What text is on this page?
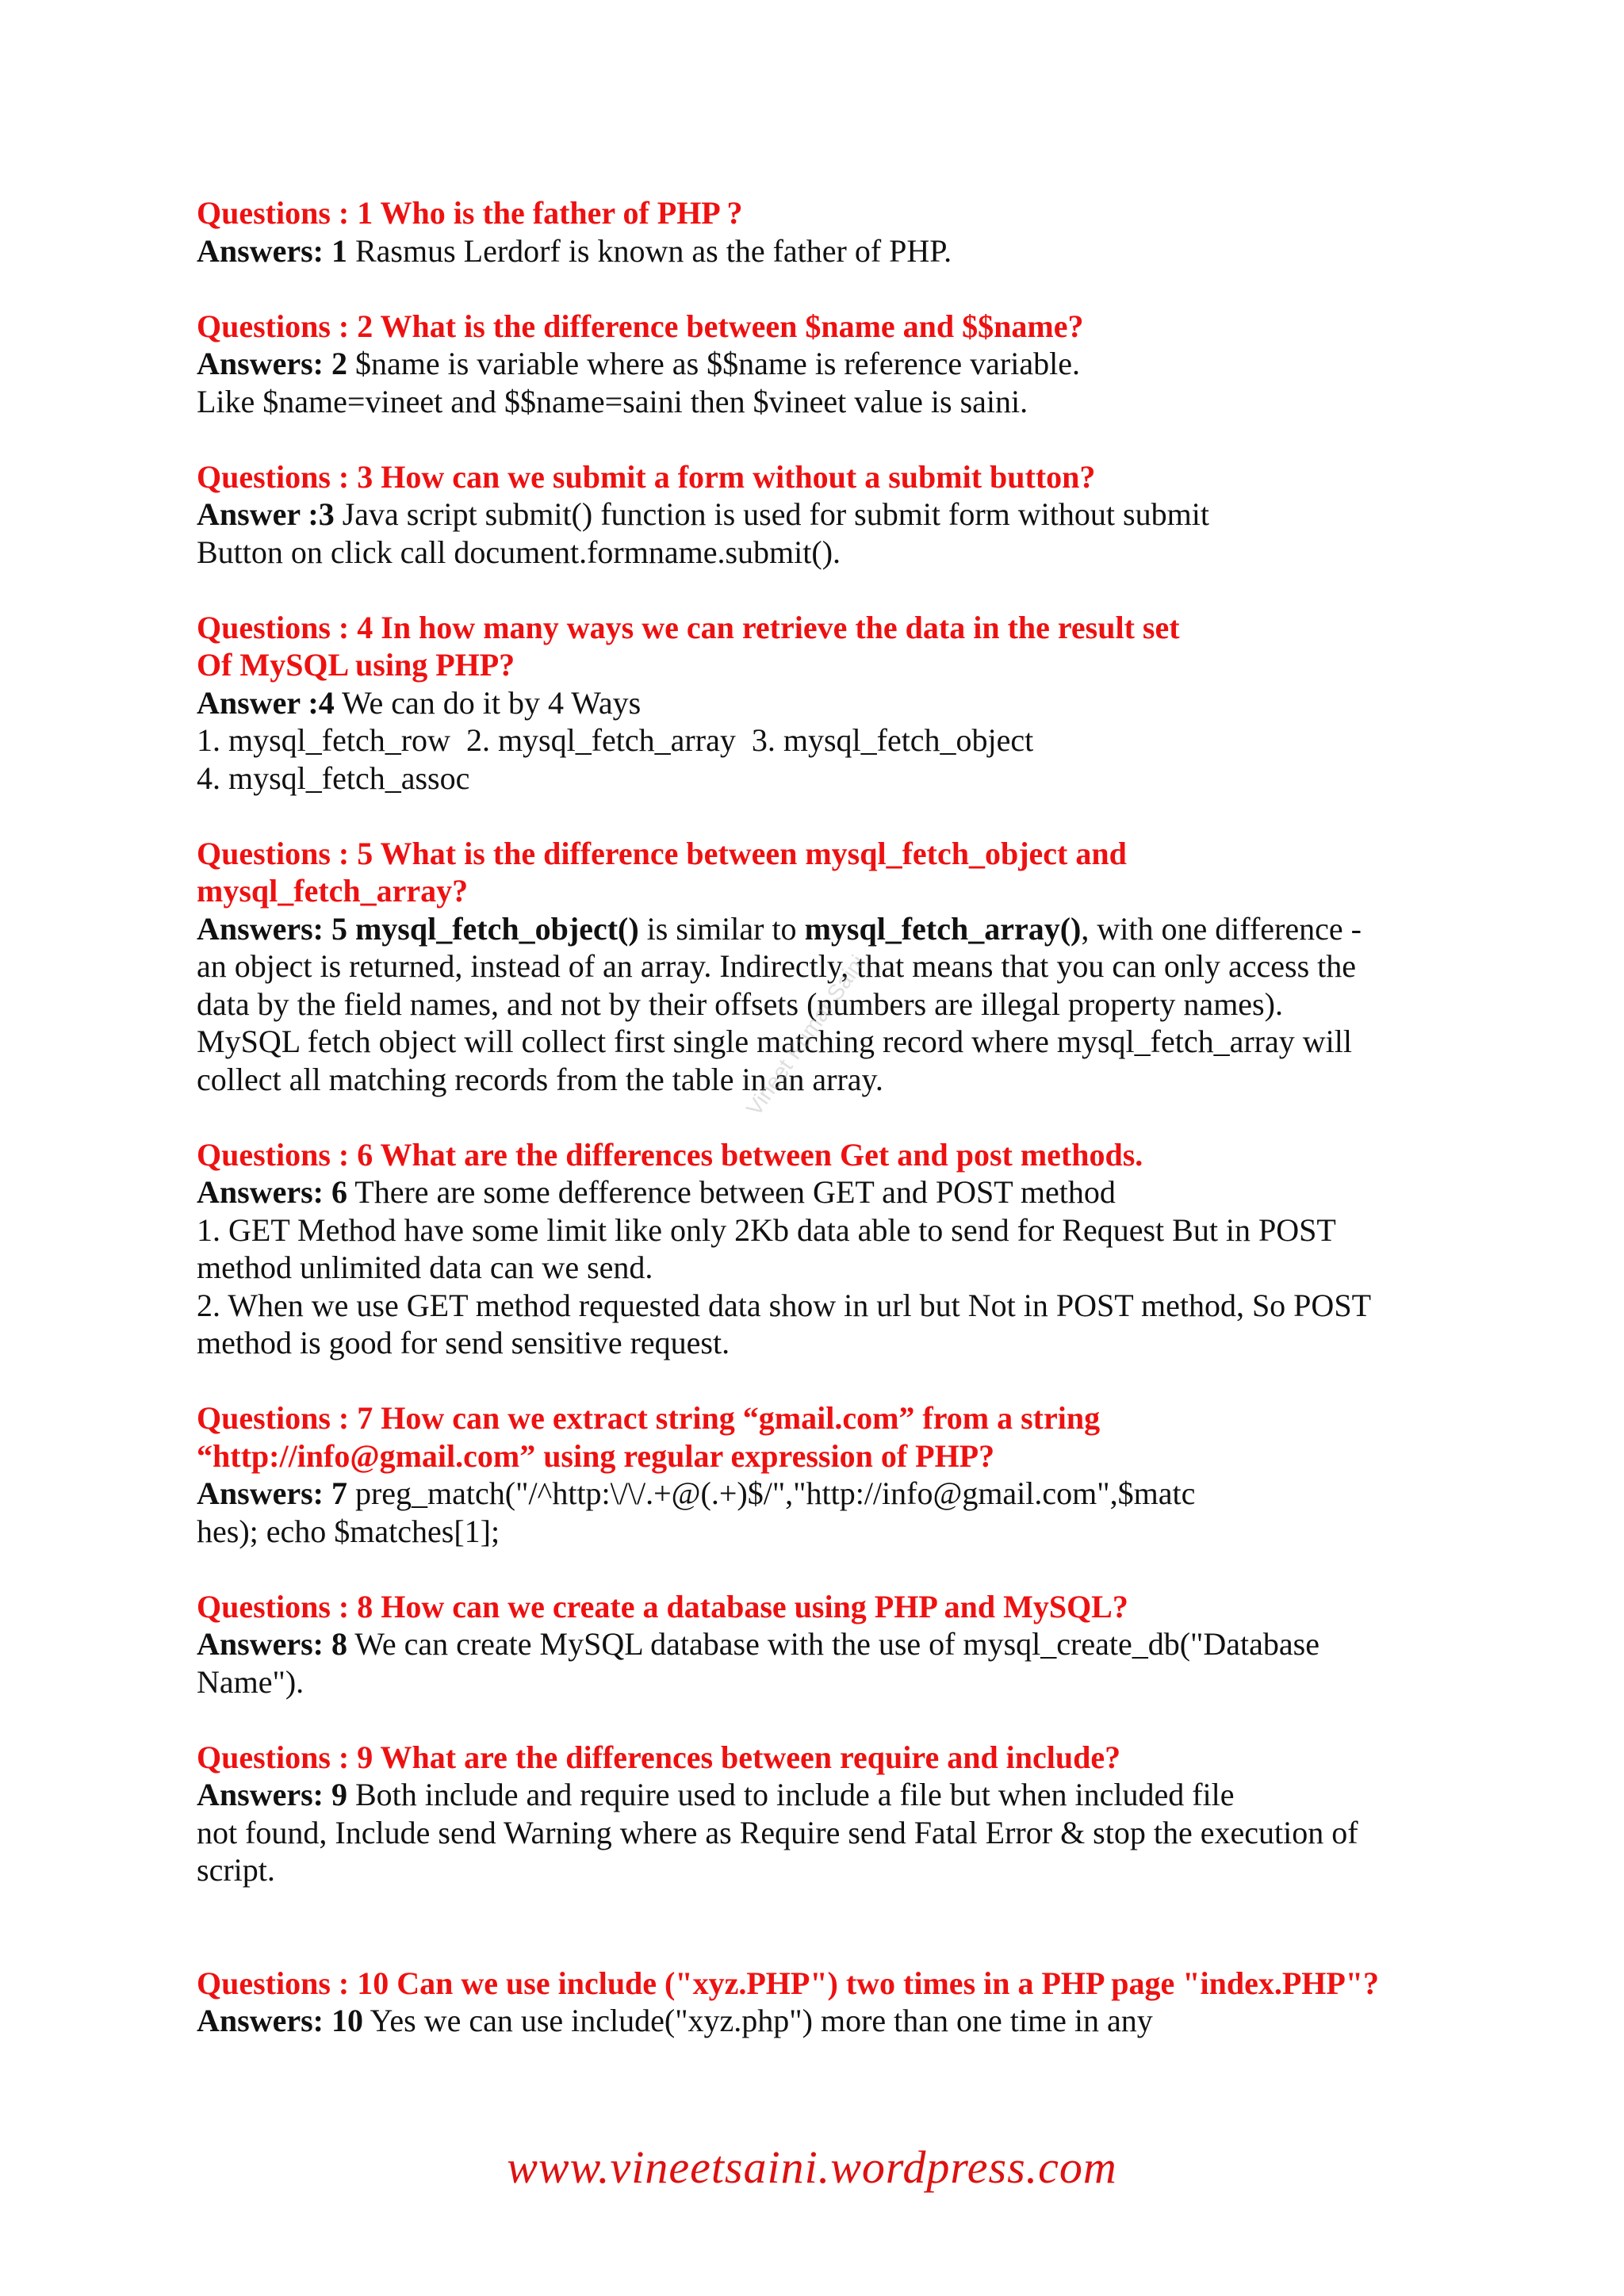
Questions : 1 Who is the father of PHP ?
Answers: 1 Rasmus Lerdorf is known as the father of PHP.
Questions : 2 What is the difference between $name and $$name?
Answers: 2 $name is variable where as $$name is reference variable.
Like $name=vineet and $$name=saini then $vineet value is saini.
Questions : 3 How can we submit a form without a submit button?
Answer :3 Java script submit() function is used for submit form without submit
Button on click call document.formname.submit().
Questions : 4 In how many ways we can retrieve the data in the result set
Of MySQL using PHP?
Answer :4 We can do it by 4 Ways
1. mysql_fetch_row  2. mysql_fetch_array  3. mysql_fetch_object
4. mysql_fetch_assoc
Questions : 5 What is the difference between mysql_fetch_object and
mysql_fetch_array?
Answers: 5 mysql_fetch_object() is similar to mysql_fetch_array(), with one difference -
an object is returned, instead of an array. Indirectly, that means that you can only access the
data by the field names, and not by their offsets (numbers are illegal property names).
MySQL fetch object will collect first single matching record where mysql_fetch_array will
collect all matching records from the table in an array.
Questions : 6 What are the differences between Get and post methods.
Answers: 6 There are some defference between GET and POST method
1. GET Method have some limit like only 2Kb data able to send for Request But in POST
method unlimited data can we send.
2. When we use GET method requested data show in url but Not in POST method, So POST
method is good for send sensitive request.
Questions : 7 How can we extract string “gmail.com” from a string
“http://info@gmail.com” using regular expression of PHP?
Answers: 7 preg_match("/^http:\/\/.+@(.+)$/","http://info@gmail.com",$matc
hes); echo $matches[1];
Questions : 8 How can we create a database using PHP and MySQL?
Answers: 8 We can create MySQL database with the use of mysql_create_db("Database
Name").
Questions : 9 What are the differences between require and include?
Answers: 9 Both include and require used to include a file but when included file
not found, Include send Warning where as Require send Fatal Error & stop the execution of
script.
Questions : 10 Can we use include ("xyz.PHP") two times in a PHP page "index.PHP"?
Answers: 10 Yes we can use include("xyz.php") more than one time in any
Vineet Kumar Saini
www.vineetsaini.wordpress.com
